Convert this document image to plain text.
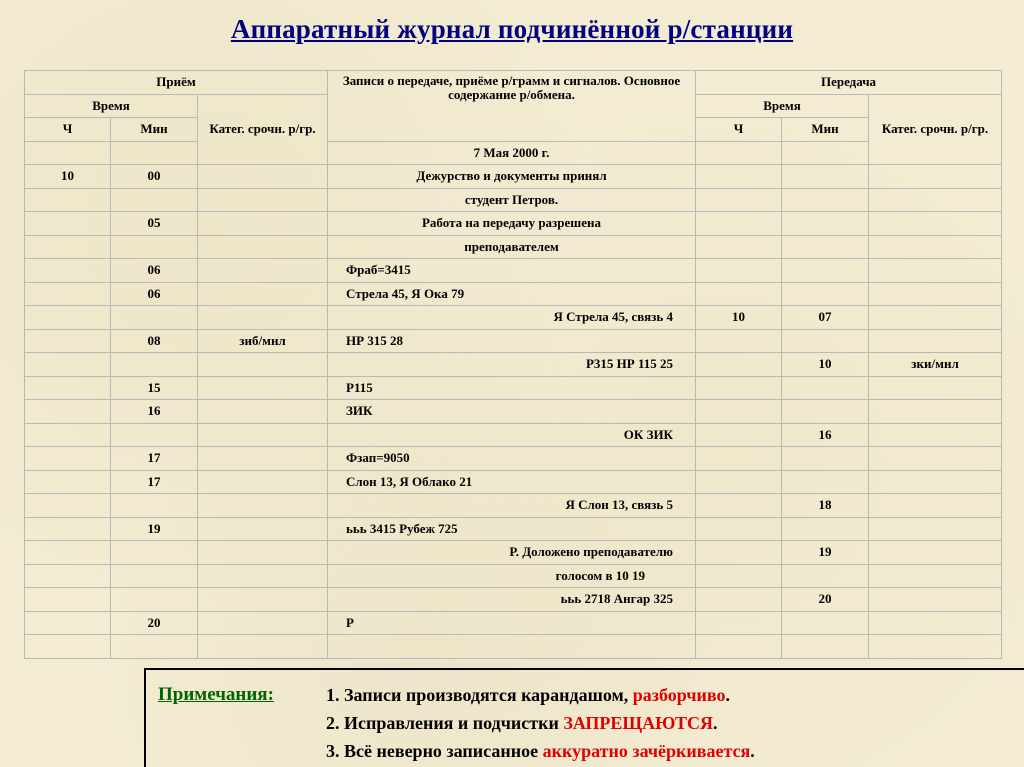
Аппаратный журнал подчинённой р/станции
Приём			Записи о передаче, приёме р/грамм и сигналов. Основное содержание р/обмена.	Передача		
Время		Катег. срочн. р/гр.		Время		Катег. срочн. р/гр.
Ч	Мин			Ч	Мин	
			7 Мая 2000 г.			
10	00		Дежурство и документы принял			
			студент Петров.			
	05		Работа на передачу разрешена			
			преподавателем			
	06		Фраб=3415			
	06		Стрела 45, Я Ока 79			
			Я Стрела 45, связь 4	10	07	
	08	зиб/мнл	НР 315 28			
			Р315 НР 115 25		10	зки/мнл
	15		Р115			
	16		ЗИК			
			ОК ЗИК		16	
	17		Фзап=9050			
	17		Слон 13, Я Облако 21			
			Я Слон 13, связь 5		18	
	19		ььь 3415 Рубеж 725			
			Р. Доложено преподавателю		19	
			голосом в 10 19			
			ььь 2718 Ангар 325		20	
	20		Р			

Примечания:	1. Записи производятся карандашом, разборчиво.
2. Исправления и подчистки ЗАПРЕЩАЮТСЯ.
3. Всё неверно записанное аккуратно зачёркивается.
